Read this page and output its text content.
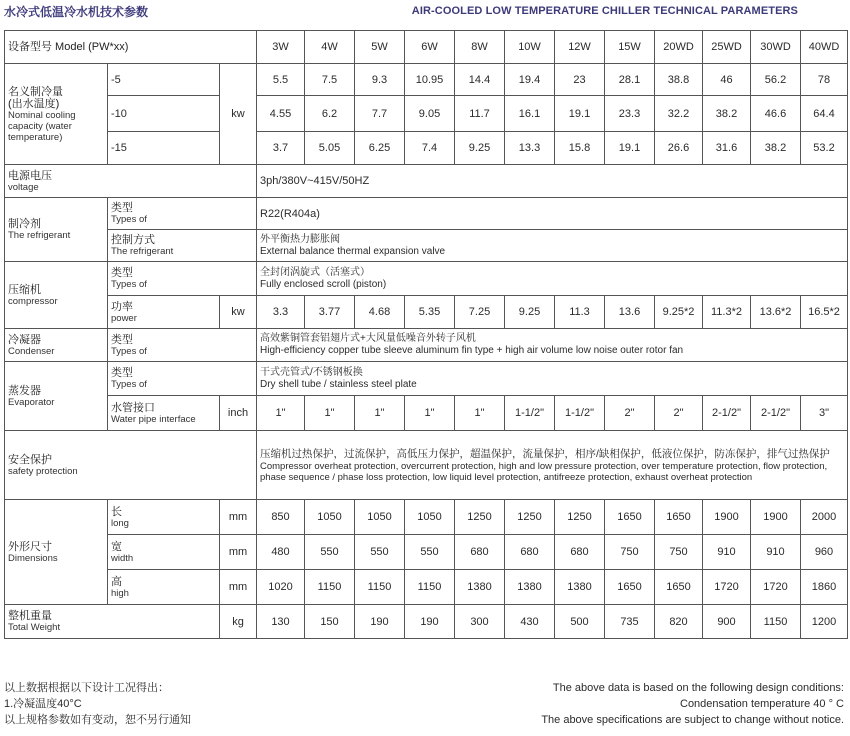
水冷式低温冷水机技术参数	AIR-COOLED LOW TEMPERATURE CHILLER TECHNICAL PARAMETERS
设备型号 Model (PW*xx)			3W	4W	5W	6W	8W	10W	12W	15W	20WD	25WD	30WD	40WD

名义制冷量
(出水温度)
Nominal cooling capacity (water temperature)	-5	kw	5.5	7.5	9.3	10.95	14.4	19.4	23	28.1	38.8	46	56.2	78
	-10		4.55	6.2	7.7	9.05	11.7	16.1	19.1	23.3	32.2	38.2	46.6	64.4
	-15		3.7	5.05	6.25	7.4	9.25	13.3	15.8	19.1	26.6	31.6	38.2	53.2

电源电压
voltage			3ph/380V~415V/50HZ											

制冷剂
The refrigerant	类型
Types of		R22(R404a)											

	控制方式
The refrigerant		外平衡热力膨胀阀
External balance thermal expansion valve											

压缩机
compressor	类型
Types of		全封闭涡旋式（活塞式）
Fully enclosed scroll (piston)											

	功率
power	kw	3.3	3.77	4.68	5.35	7.25	9.25	11.3	13.6	9.25*2	11.3*2	13.6*2	16.5*2

冷凝器
Condenser	类型
Types of		高效紫铜管套铝翅片式+大风量低噪音外转子风机
High-efficiency copper tube sleeve aluminum fin type + high air volume low noise outer rotor fan											

蒸发器
Evaporator	类型
Types of		干式壳管式/不锈钢板换
Dry shell tube / stainless steel plate											

	水管接口
Water pipe interface	inch	1"	1"	1"	1"	1"	1-1/2"	1-1/2"	2"	2"	2-1/2"	2-1/2"	3"

安全保护
safety protection			压缩机过热保护，过流保护，高低压力保护，超温保护，流量保护，相序/缺相保护，低液位保护，防冻保护，排气过热保护
Compressor overheat protection, overcurrent protection, high and low pressure protection, over temperature protection, flow protection, phase sequence / phase loss protection, low liquid level protection, antifreeze protection, exhaust overheat protection											

外形尺寸
Dimensions	长
long	mm	850	1050	1050	1050	1250	1250	1250	1650	1650	1900	1900	2000

	宽
width	mm	480	550	550	550	680	680	680	750	750	910	910	960

	高
high	mm	1020	1150	1150	1150	1380	1380	1380	1650	1650	1720	1720	1860

整机重量
Total Weight		kg	130	150	190	190	300	430	500	735	820	900	1150	1200
以上数据根据以下设计工况得出：
1.冷凝温度40°C
以上规格参数如有变动，恕不另行通知
The above data is based on the following design conditions:
Condensation temperature 40 ° C
The above specifications are subject to change without notice.
